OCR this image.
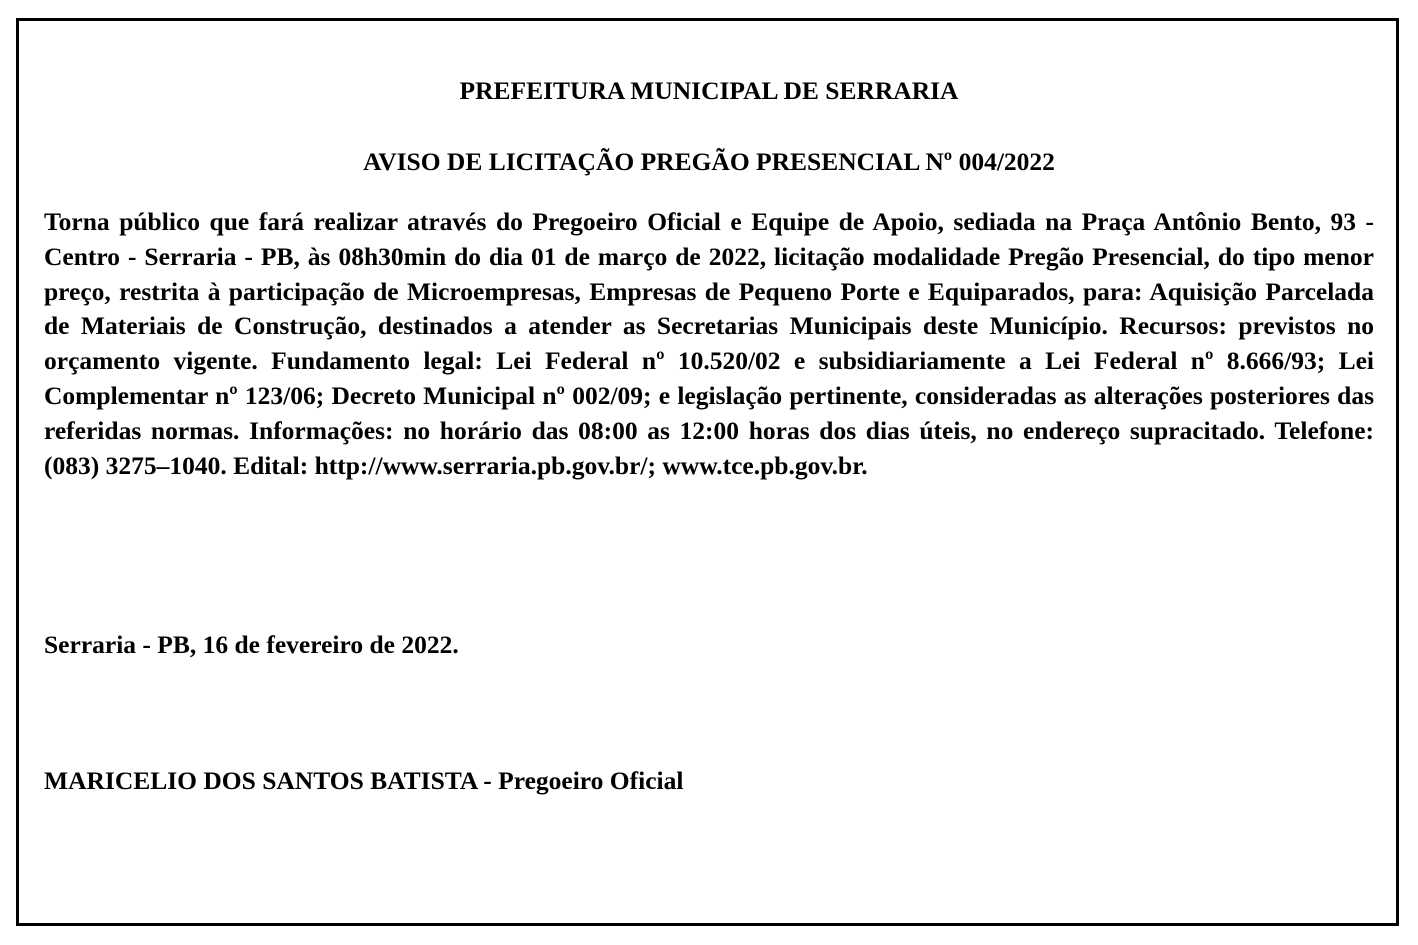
PREFEITURA MUNICIPAL DE SERRARIA
AVISO DE LICITAÇÃO PREGÃO PRESENCIAL Nº 004/2022

Torna público que fará realizar através do Pregoeiro Oficial e Equipe de Apoio, sediada na Praça Antônio Bento, 93 - Centro - Serraria - PB, às 08h30min do dia 01 de março de 2022, licitação modalidade Pregão Presencial, do tipo menor preço, restrita à participação de Microempresas, Empresas de Pequeno Porte e Equiparados, para: Aquisição Parcelada de Materiais de Construção, destinados a atender as Secretarias Municipais deste Município. Recursos: previstos no orçamento vigente. Fundamento legal: Lei Federal nº 10.520/02 e subsidiariamente a Lei Federal nº 8.666/93; Lei Complementar nº 123/06; Decreto Municipal nº 002/09; e legislação pertinente, consideradas as alterações posteriores das referidas normas. Informações: no horário das 08:00 as 12:00 horas dos dias úteis, no endereço supracitado. Telefone: (083) 3275–1040. Edital: http://www.serraria.pb.gov.br/; www.tce.pb.gov.br.

Serraria - PB, 16 de fevereiro de 2022.

MARICELIO DOS SANTOS BATISTA - Pregoeiro Oficial
